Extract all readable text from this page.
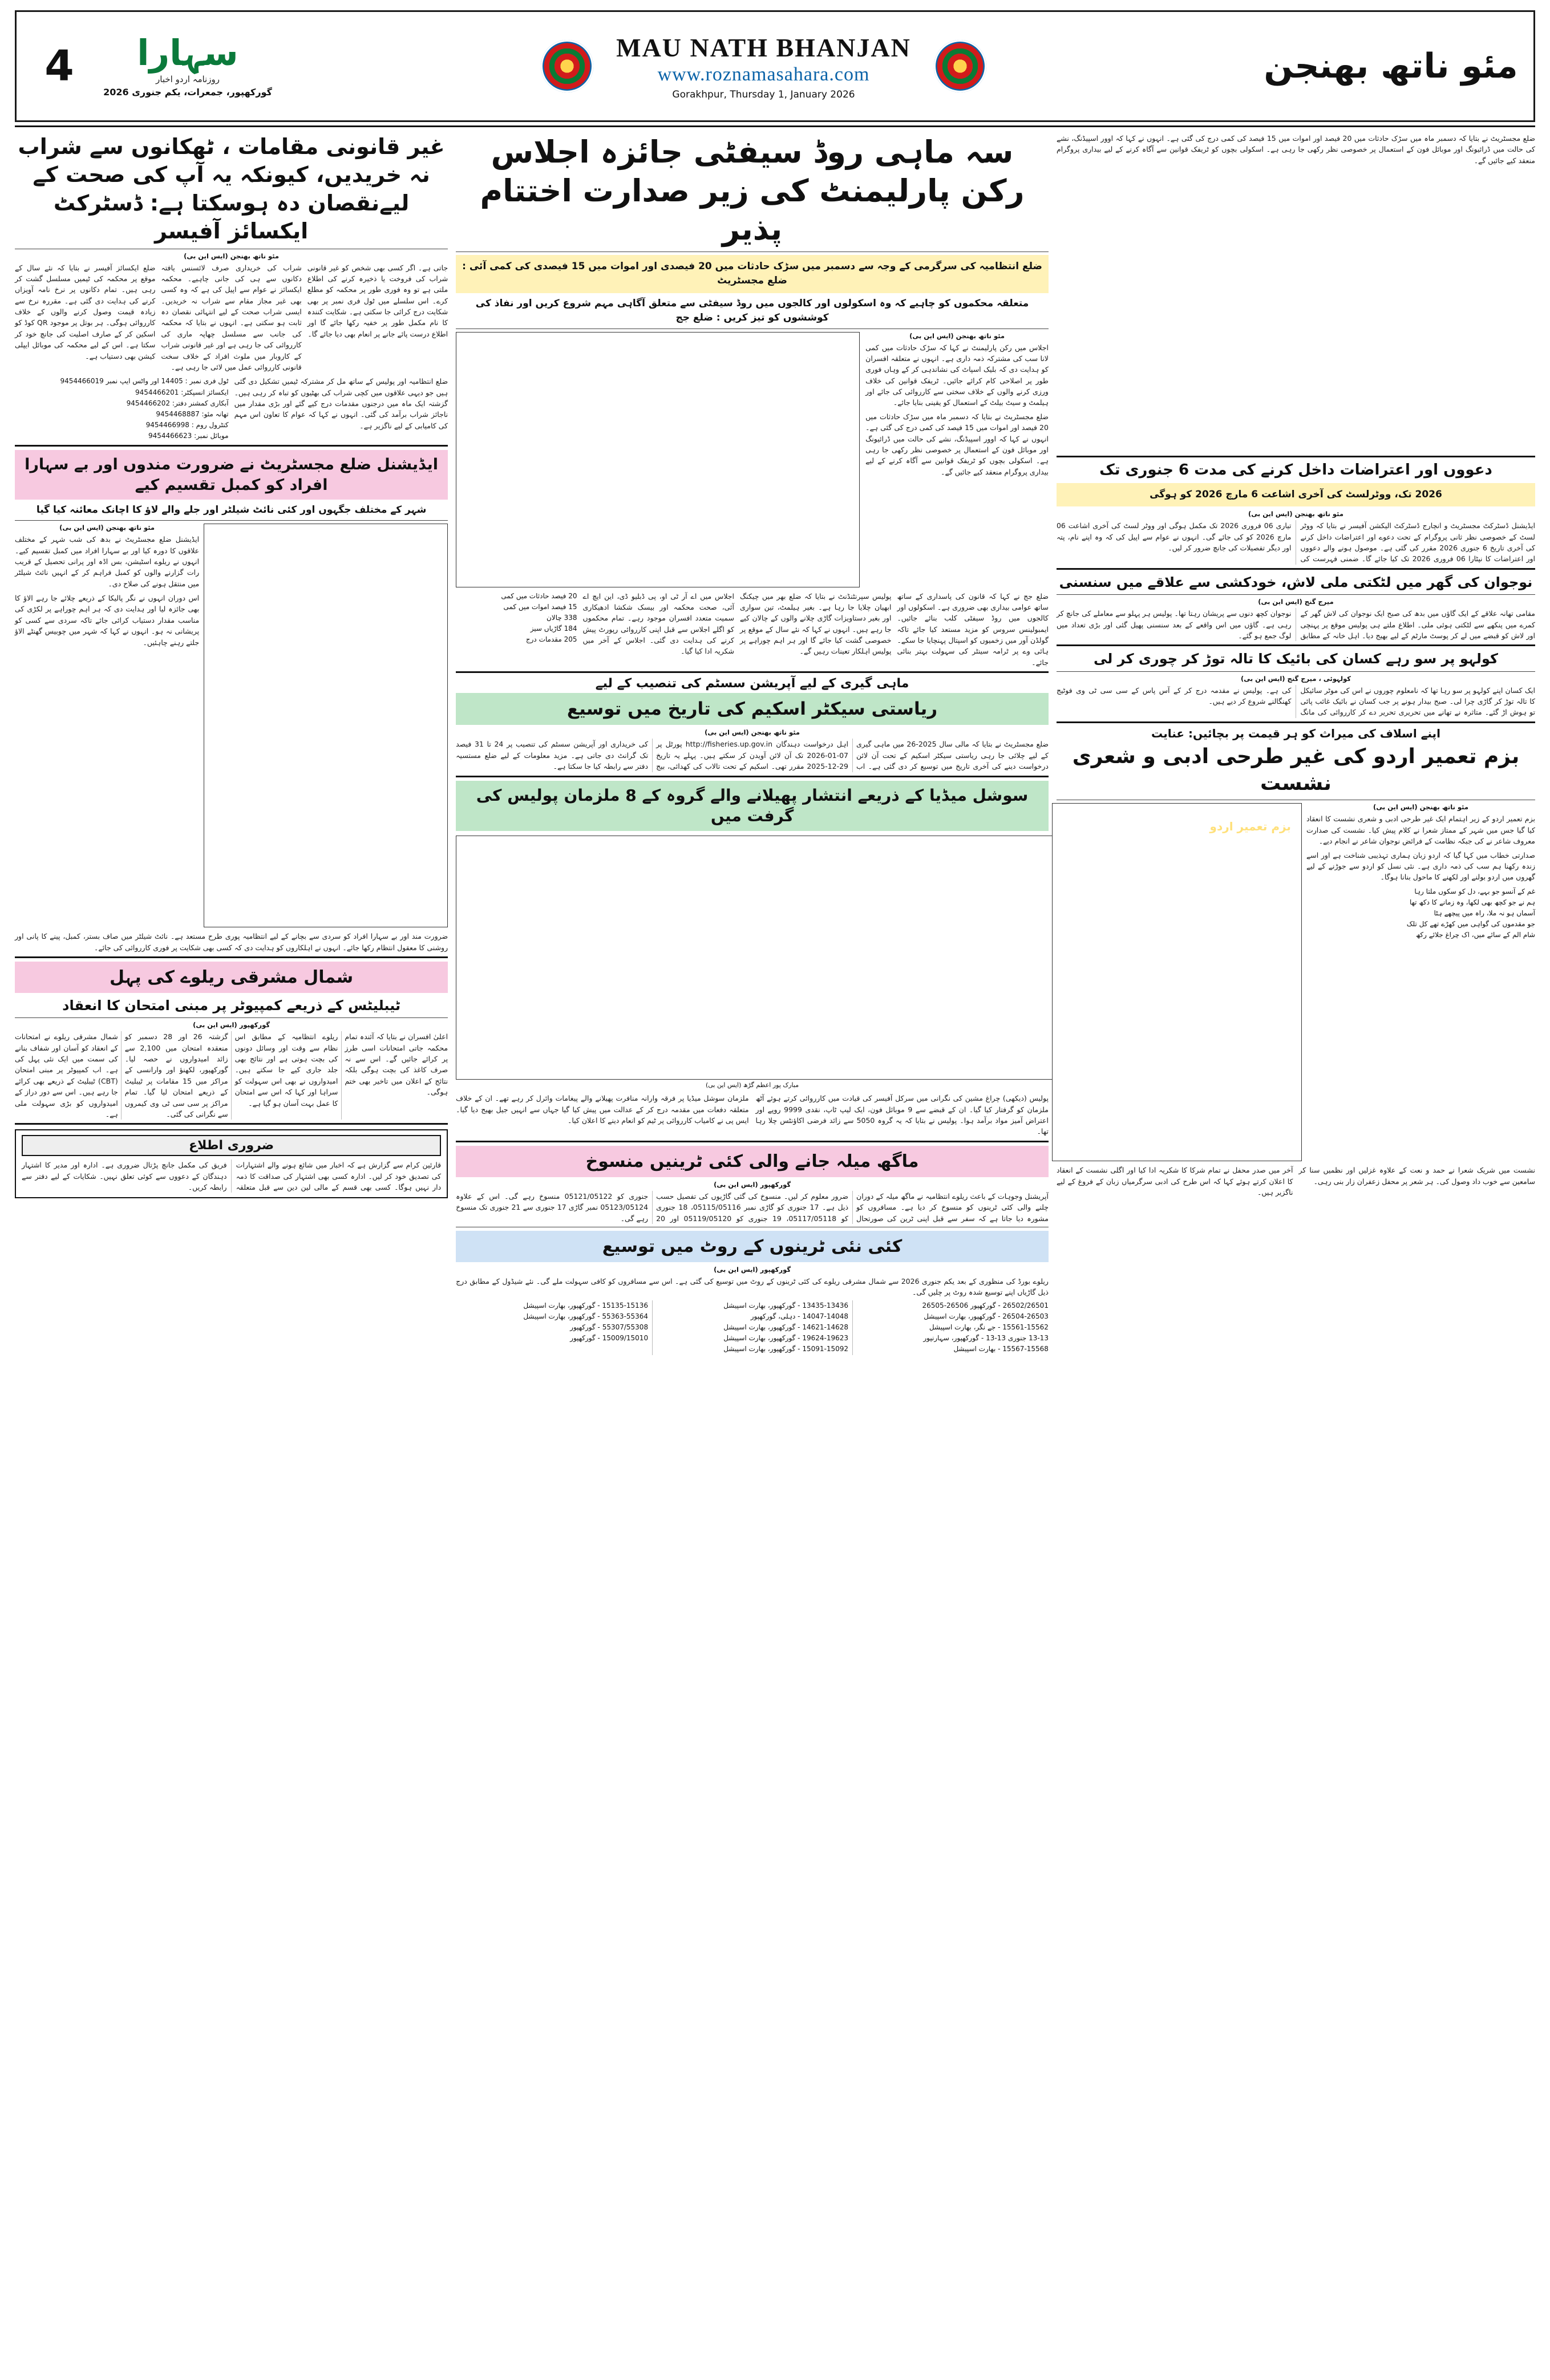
4	سہارا
روزنامہ اردو اخبار
گورکھپور، جمعرات، یکم جنوری 2026
MAU NATH BHANJAN
www.roznamasahara.com
Gorakhpur, Thursday 1, January 2026
مئو ناتھ بھنجن
غیر قانونی مقامات ، ٹھکانوں سے شراب نہ خریدیں، کیونکہ یہ آپ کی صحت کے لیےنقصان دہ ہوسکتا ہے: ڈسٹرکٹ ایکسائز آفیسر
مئو ناتھ بھنجن (ایس این بی)
جاتی ہے۔ اگر کسی بھی شخص کو غیر قانونی شراب کی فروخت یا ذخیرہ کرنے کی اطلاع ملتی ہے تو وہ فوری طور پر محکمہ کو مطلع کرے۔ اس سلسلے میں ٹول فری نمبر پر بھی شکایت درج کرائی جا سکتی ہے۔ شکایت کنندہ کا نام مکمل طور پر خفیہ رکھا جائے گا اور اطلاع درست پائے جانے پر انعام بھی دیا جائے گا۔
شراب کی خریداری صرف لائسنس یافتہ دکانوں سے ہی کی جانی چاہیے۔ محکمہ ایکسائز نے عوام سے اپیل کی ہے کہ وہ کسی بھی غیر مجاز مقام سے شراب نہ خریدیں۔ ایسی شراب صحت کے لیے انتہائی نقصان دہ ثابت ہو سکتی ہے۔ انہوں نے بتایا کہ محکمہ کی جانب سے مسلسل چھاپہ ماری کی کارروائی کی جا رہی ہے اور غیر قانونی شراب کے کاروبار میں ملوث افراد کے خلاف سخت قانونی کارروائی عمل میں لائی جا رہی ہے۔
ضلع ایکسائز آفیسر نے بتایا کہ نئے سال کے موقع پر محکمہ کی ٹیمیں مسلسل گشت کر رہی ہیں۔ تمام دکانوں پر نرخ نامہ آویزاں کرنے کی ہدایت دی گئی ہے۔ مقررہ نرخ سے زیادہ قیمت وصول کرنے والوں کے خلاف کارروائی ہوگی۔ ہر بوتل پر موجود QR کوڈ کو اسکین کر کے صارف اصلیت کی جانچ خود کر سکتا ہے۔ اس کے لیے محکمہ کی موبائل ایپلی کیشن بھی دستیاب ہے۔
ضلع انتظامیہ اور پولیس کے ساتھ مل کر مشترکہ ٹیمیں تشکیل دی گئی ہیں جو دیہی علاقوں میں کچی شراب کی بھٹیوں کو تباہ کر رہی ہیں۔ گزشتہ ایک ماہ میں درجنوں مقدمات درج کیے گئے اور بڑی مقدار میں ناجائز شراب برآمد کی گئی۔ انہوں نے کہا کہ عوام کا تعاون اس مہم کی کامیابی کے لیے ناگزیر ہے۔
ٹول فری نمبر : 14405 اور واٹس ایپ نمبر 9454466019
ایکسائز انسپکٹر: 9454466201
آبکاری کمشنر دفتر: 9454466202
تھانہ مئو: 9454468887
کنٹرول روم : 9454466998
موبائل نمبر: 9454466623
ایڈیشنل ضلع مجسٹریٹ نے ضرورت مندوں اور بے سہارا افراد کو کمبل تقسیم کیے
شہر کے مختلف جگہوں اور کئی نائٹ شیلٹر اور جلے والے لاؤ کا اچانک معائنہ کیا گیا
مئو ناتھ بھنجن (ایس این بی)
ایڈیشنل ضلع مجسٹریٹ نے بدھ کی شب شہر کے مختلف علاقوں کا دورہ کیا اور بے سہارا افراد میں کمبل تقسیم کیے۔ انہوں نے ریلوے اسٹیشن، بس اڈہ اور پرانی تحصیل کے قریب رات گزارنے والوں کو کمبل فراہم کر کے انہیں نائٹ شیلٹر میں منتقل ہونے کی صلاح دی۔
اس دوران انہوں نے نگر پالیکا کے ذریعے چلائے جا رہے الاؤ کا بھی جائزہ لیا اور ہدایت دی کہ ہر اہم چوراہے پر لکڑی کی مناسب مقدار دستیاب کرائی جائے تاکہ سردی سے کسی کو پریشانی نہ ہو۔ انہوں نے کہا کہ شہر میں چوبیس گھنٹے الاؤ جلتے رہنے چاہئیں۔
ضرورت مند اور بے سہارا افراد کو سردی سے بچانے کے لیے انتظامیہ پوری طرح مستعد ہے۔ نائٹ شیلٹر میں صاف بستر، کمبل، پینے کا پانی اور روشنی کا معقول انتظام رکھا جائے۔ انہوں نے اہلکاروں کو ہدایت دی کہ کسی بھی شکایت پر فوری کارروائی کی جائے۔
شمال مشرقی ریلوے کی پہل
ٹیبلیٹس کے ذریعے کمپیوٹر پر مبنی امتحان کا انعقاد
گورکھپور (ایس این بی)
شمال مشرقی ریلوے نے امتحانات کے انعقاد کو آسان اور شفاف بنانے کی سمت میں ایک نئی پہل کی ہے۔ اب کمپیوٹر پر مبنی امتحان (CBT) ٹیبلیٹ کے ذریعے بھی کرائے جا رہے ہیں۔ اس سے دور دراز کے امیدواروں کو بڑی سہولت ملی ہے۔
گزشتہ 26 اور 28 دسمبر کو منعقدہ امتحان میں 2,100 سے زائد امیدواروں نے حصہ لیا۔ گورکھپور، لکھنؤ اور وارانسی کے مراکز میں 15 مقامات پر ٹیبلیٹ کے ذریعے امتحان لیا گیا۔ تمام مراکز پر سی سی ٹی وی کیمروں سے نگرانی کی گئی۔
ریلوے انتظامیہ کے مطابق اس نظام سے وقت اور وسائل دونوں کی بچت ہوتی ہے اور نتائج بھی جلد جاری کیے جا سکتے ہیں۔ امیدواروں نے بھی اس سہولت کو سراہا اور کہا کہ اس سے امتحان کا عمل بہت آسان ہو گیا ہے۔
اعلیٰ افسران نے بتایا کہ آئندہ تمام محکمہ جاتی امتحانات اسی طرز پر کرائے جائیں گے۔ اس سے نہ صرف کاغذ کی بچت ہوگی بلکہ نتائج کے اعلان میں تاخیر بھی ختم ہوگی۔
ضروری اطلاع
قارئین کرام سے گزارش ہے کہ اخبار میں شائع ہونے والے اشتہارات کی تصدیق خود کر لیں۔ ادارہ کسی بھی اشتہار کی صداقت کا ذمہ دار نہیں ہوگا۔ کسی بھی قسم کے مالی لین دین سے قبل متعلقہ فریق کی مکمل جانچ پڑتال ضروری ہے۔ ادارہ اور مدیر کا اشتہار دہندگان کے دعووں سے کوئی تعلق نہیں۔ شکایات کے لیے دفتر سے رابطہ کریں۔
سہ ماہی روڈ سیفٹی جائزہ اجلاس رکن پارلیمنٹ کی زیر صدارت اختتام پذیر
ضلع انتظامیہ کی سرگرمی کے وجہ سے دسمبر میں سڑک حادثات میں 20 فیصدی اور اموات میں 15 فیصدی کی کمی آئی : ضلع مجسٹریٹ
متعلقہ محکموں کو چاہیے کہ وہ اسکولوں اور کالجوں میں روڈ سیفٹی سے متعلق آگاہی مہم شروع کریں اور نفاذ کی کوششوں کو تیز کریں : ضلع جج
مئو ناتھ بھنجن (ایس این بی)
اجلاس میں رکن پارلیمنٹ نے کہا کہ سڑک حادثات میں کمی لانا سب کی مشترکہ ذمہ داری ہے۔ انہوں نے متعلقہ افسران کو ہدایت دی کہ بلیک اسپاٹ کی نشاندہی کر کے وہاں فوری طور پر اصلاحی کام کرائے جائیں۔ ٹریفک قوانین کی خلاف ورزی کرنے والوں کے خلاف سختی سے کارروائی کی جائے اور ہیلمٹ و سیٹ بیلٹ کے استعمال کو یقینی بنایا جائے۔
ضلع مجسٹریٹ نے بتایا کہ دسمبر ماہ میں سڑک حادثات میں 20 فیصد اور اموات میں 15 فیصد کی کمی درج کی گئی ہے۔ انہوں نے کہا کہ اوور اسپیڈنگ، نشے کی حالت میں ڈرائیونگ اور موبائل فون کے استعمال پر خصوصی نظر رکھی جا رہی ہے۔ اسکولی بچوں کو ٹریفک قوانین سے آگاہ کرنے کے لیے بیداری پروگرام منعقد کیے جائیں گے۔
ضلع جج نے کہا کہ قانون کی پاسداری کے ساتھ ساتھ عوامی بیداری بھی ضروری ہے۔ اسکولوں اور کالجوں میں روڈ سیفٹی کلب بنائے جائیں۔ ایمبولینس سروس کو مزید مستعد کیا جائے تاکہ گولڈن آور میں زخمیوں کو اسپتال پہنچایا جا سکے۔ ہائی وے پر ٹرامہ سینٹر کی سہولت بہتر بنائی جائے۔
پولیس سپرنٹنڈنٹ نے بتایا کہ ضلع بھر میں چیکنگ ابھیان چلایا جا رہا ہے۔ بغیر ہیلمٹ، تین سواری اور بغیر دستاویزات گاڑی چلانے والوں کے چالان کیے جا رہے ہیں۔ انہوں نے کہا کہ نئے سال کے موقع پر خصوصی گشت کیا جائے گا اور ہر اہم چوراہے پر پولیس اہلکار تعینات رہیں گے۔
اجلاس میں اے آر ٹی او، پی ڈبلیو ڈی، این ایچ اے آئی، صحت محکمہ اور بیسک شکشا ادھیکاری سمیت متعدد افسران موجود رہے۔ تمام محکموں کو اگلے اجلاس سے قبل اپنی کارروائی رپورٹ پیش کرنے کی ہدایت دی گئی۔ اجلاس کے آخر میں شکریہ ادا کیا گیا۔
20 فیصد حادثات میں کمی
15 فیصد اموات میں کمی
338 چالان
184 گاڑیاں سیز
205 مقدمات درج
ماہی گیری کے لیے آپریشن سسٹم کی تنصیب کے لیے
ریاستی سیکٹر اسکیم کی تاریخ میں توسیع
مئو ناتھ بھنجن (ایس این بی)
ضلع مجسٹریٹ نے بتایا کہ مالی سال 2025-26 میں ماہی گیری کے لیے چلائی جا رہی ریاستی سیکٹر اسکیم کے تحت آن لائن درخواست دینے کی آخری تاریخ میں توسیع کر دی گئی ہے۔ اب اہل درخواست دہندگان http://fisheries.up.gov.in پورٹل پر 07-01-2026 تک آن لائن آویدن کر سکتے ہیں۔ پہلے یہ تاریخ 29-12-2025 مقرر تھی۔ اسکیم کے تحت تالاب کی کھدائی، بیج کی خریداری اور آپریشن سسٹم کی تنصیب پر 24 تا 31 فیصد تک گرانٹ دی جاتی ہے۔ مزید معلومات کے لیے ضلع مستسیہ دفتر سے رابطہ کیا جا سکتا ہے۔
سوشل میڈیا کے ذریعے انتشار پھیلانے والے گروہ کے 8 ملزمان پولیس کی گرفت میں
مبارک پور اعظم گڑھ (ایس این بی)
پولیس (دیکھی) چراغ مشین کی نگرانی میں سرکل آفیسر کی قیادت میں کارروائی کرتے ہوئے آٹھ ملزمان کو گرفتار کیا گیا۔ ان کے قبضے سے 9 موبائل فون، ایک لیپ ٹاپ، نقدی 9999 روپے اور اعتراض آمیز مواد برآمد ہوا۔ پولیس نے بتایا کہ یہ گروہ 5050 سے زائد فرضی اکاؤنٹس چلا رہا تھا۔
ملزمان سوشل میڈیا پر فرقہ وارانہ منافرت پھیلانے والے پیغامات وائرل کر رہے تھے۔ ان کے خلاف متعلقہ دفعات میں مقدمہ درج کر کے عدالت میں پیش کیا گیا جہاں سے انہیں جیل بھیج دیا گیا۔ ایس پی نے کامیاب کارروائی پر ٹیم کو انعام دینے کا اعلان کیا۔
ماگھ میلہ جانے والی کئی ٹرینیں منسوخ
گورکھپور (ایس این بی)
آپریشنل وجوہات کے باعث ریلوے انتظامیہ نے ماگھ میلہ کے دوران چلنے والی کئی ٹرینوں کو منسوخ کر دیا ہے۔ مسافروں کو مشورہ دیا جاتا ہے کہ سفر سے قبل اپنی ٹرین کی صورتحال ضرور معلوم کر لیں۔ منسوخ کی گئی گاڑیوں کی تفصیل حسب ذیل ہے۔ 17 جنوری کو گاڑی نمبر 05115/05116، 18 جنوری کو 05117/05118، 19 جنوری کو 05119/05120 اور 20 جنوری کو 05121/05122 منسوخ رہے گی۔ اس کے علاوہ 05123/05124 نمبر گاڑی 17 جنوری سے 21 جنوری تک منسوخ رہے گی۔
کئی نئی ٹرینوں کے روٹ میں توسیع
گورکھپور (ایس این بی)
ریلوے بورڈ کی منظوری کے بعد یکم جنوری 2026 سے شمال مشرقی ریلوے کی کئی ٹرینوں کے روٹ میں توسیع کی گئی ہے۔ اس سے مسافروں کو کافی سہولت ملے گی۔ نئے شیڈول کے مطابق درج ذیل گاڑیاں اپنے توسیع شدہ روٹ پر چلیں گی۔
26502/26501 - گورکھپور 26506-26505
26504-26503 - گورکھپور، بھارت اسپیشل
15561-15562 - جے نگر، بھارت اسپیشل
13-13 جنوری 13-13 - گورکھپور، سہارنپور
15567-15568 - بھارت اسپیشل
13435-13436 - گورکھپور، بھارت اسپیشل
14047-14048 - دہلی، گورکھپور
14621-14628 - گورکھپور، بھارت اسپیشل
19624-19623 - گورکھپور، بھارت اسپیشل
15091-15092 - گورکھپور، بھارت اسپیشل
15135-15136 - گورکھپور، بھارت اسپیشل
55363-55364 - گورکھپور، بھارت اسپیشل
55307/55308 - گورکھپور
15009/15010 - گورکھپور
ضلع مجسٹریٹ نے بتایا کہ دسمبر ماہ میں سڑک حادثات میں 20 فیصد اور اموات میں 15 فیصد کی کمی درج کی گئی ہے۔ انہوں نے کہا کہ اوور اسپیڈنگ، نشے کی حالت میں ڈرائیونگ اور موبائل فون کے استعمال پر خصوصی نظر رکھی جا رہی ہے۔ اسکولی بچوں کو ٹریفک قوانین سے آگاہ کرنے کے لیے بیداری پروگرام منعقد کیے جائیں گے۔
دعووں اور اعتراضات داخل کرنے کی مدت 6 جنوری تک
2026 تک، ووٹرلسٹ کی آخری اشاعت 6 مارچ 2026 کو ہوگی
مئو ناتھ بھنجن (ایس این بی)
ایڈیشنل ڈسٹرکٹ مجسٹریٹ و انچارج ڈسٹرکٹ الیکشن آفیسر نے بتایا کہ ووٹر لسٹ کے خصوصی نظر ثانی پروگرام کے تحت دعوے اور اعتراضات داخل کرنے کی آخری تاریخ 6 جنوری 2026 مقرر کی گئی ہے۔ موصول ہونے والے دعووں اور اعتراضات کا نپٹارا 06 فروری 2026 تک کیا جائے گا۔ ضمنی فہرست کی تیاری 06 فروری 2026 تک مکمل ہوگی اور ووٹر لسٹ کی آخری اشاعت 06 مارچ 2026 کو کی جائے گی۔ انہوں نے عوام سے اپیل کی کہ وہ اپنے نام، پتہ اور دیگر تفصیلات کی جانچ ضرور کر لیں۔
نوجوان کی گھر میں لٹکتی ملی لاش، خودکشی سے علاقے میں سنسنی
میرج گنج (ایس این بی)
مقامی تھانہ علاقے کے ایک گاؤں میں بدھ کی صبح ایک نوجوان کی لاش گھر کے کمرے میں پنکھے سے لٹکتی ہوئی ملی۔ اطلاع ملتے ہی پولیس موقع پر پہنچی اور لاش کو قبضے میں لے کر پوسٹ مارٹم کے لیے بھیج دیا۔ اہل خانہ کے مطابق نوجوان کچھ دنوں سے پریشان رہتا تھا۔ پولیس ہر پہلو سے معاملے کی جانچ کر رہی ہے۔ گاؤں میں اس واقعے کے بعد سنسنی پھیل گئی اور بڑی تعداد میں لوگ جمع ہو گئے۔
کولہو پر سو رہے کسان کی بائیک کا تالہ توڑ کر چوری کر لی
کولہوئی ، میرج گنج (ایس این بی)
ایک کسان اپنے کولہو پر سو رہا تھا کہ نامعلوم چوروں نے اس کی موٹر سائیکل کا تالہ توڑ کر گاڑی چرا لی۔ صبح بیدار ہونے پر جب کسان نے بائیک غائب پائی تو ہوش اڑ گئے۔ متاثرہ نے تھانے میں تحریری تحریر دے کر کارروائی کی مانگ کی ہے۔ پولیس نے مقدمہ درج کر کے آس پاس کے سی سی ٹی وی فوٹیج کھنگالنے شروع کر دیے ہیں۔
اپنے اسلاف کی میراث کو ہر قیمت پر بچائیں: عنایت
بزم تعمیر اردو کی غیر طرحی ادبی و شعری نشست
مئو ناتھ بھنجن (ایس این بی)
بزم تعمیر اردو کے زیر اہتمام ایک غیر طرحی ادبی و شعری نشست کا انعقاد کیا گیا جس میں شہر کے ممتاز شعرا نے کلام پیش کیا۔ نشست کی صدارت معروف شاعر نے کی جبکہ نظامت کے فرائض نوجوان شاعر نے انجام دیے۔
صدارتی خطاب میں کہا گیا کہ اردو زبان ہماری تہذیبی شناخت ہے اور اسے زندہ رکھنا ہم سب کی ذمہ داری ہے۔ نئی نسل کو اردو سے جوڑنے کے لیے گھروں میں اردو بولنے اور لکھنے کا ماحول بنانا ہوگا۔
غم کے آنسو جو بہے، دل کو سکوں ملتا رہا
ہم نے جو کچھ بھی لکھا، وہ زمانے کا دکھ تھا
آسماں ہو نہ ملا، راہ میں پیچھے ہٹا
جو مقدموں کی گواہی میں کھڑے تھے کل تلک
شام الم کے سائے میں، اک چراغ جلائے رکھ
بزم تعمیر اردو
نشست میں شریک شعرا نے حمد و نعت کے علاوہ غزلیں اور نظمیں سنا کر سامعین سے خوب داد وصول کی۔ ہر شعر پر محفل زعفران زار بنی رہی۔
آخر میں صدر محفل نے تمام شرکا کا شکریہ ادا کیا اور اگلی نشست کے انعقاد کا اعلان کرتے ہوئے کہا کہ اس طرح کی ادبی سرگرمیاں زبان کے فروغ کے لیے ناگزیر ہیں۔
